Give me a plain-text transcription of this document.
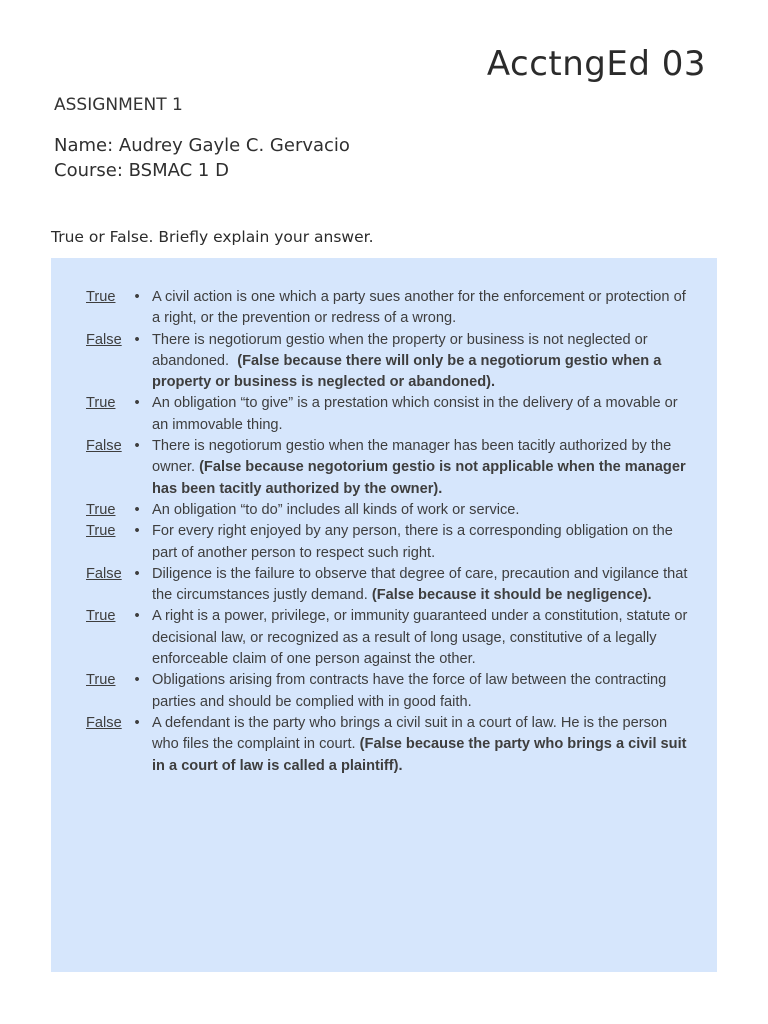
AcctngEd 03
ASSIGNMENT 1
Name: Audrey Gayle C. Gervacio
Course: BSMAC 1 D
True or False. Briefly explain your answer.
True	• A civil action is one which a party sues another for the enforcement or protection of a right, or the prevention or redress of a wrong.
False • There is negotiorum gestio when the property or business is not neglected or abandoned. (False because there will only be a negotiorum gestio when a property or business is neglected or abandoned).
True	• An obligation “to give” is a prestation which consist in the delivery of a movable or an immovable thing.
False • There is negotiorum gestio when the manager has been tacitly authorized by the owner. (False because negotorium gestio is not applicable when the manager has been tacitly authorized by the owner).
True	• An obligation “to do” includes all kinds of work or service.
True	• For every right enjoyed by any person, there is a corresponding obligation on the part of another person to respect such right.
False • Diligence is the failure to observe that degree of care, precaution and vigilance that the circumstances justly demand. (False because it should be negligence).
True	• A right is a power, privilege, or immunity guaranteed under a constitution, statute or decisional law, or recognized as a result of long usage, constitutive of a legally enforceable claim of one person against the other.
True	• Obligations arising from contracts have the force of law between the contracting parties and should be complied with in good faith.
False • A defendant is the party who brings a civil suit in a court of law. He is the person who files the complaint in court. (False because the party who brings a civil suit in a court of law is called a plaintiff).
